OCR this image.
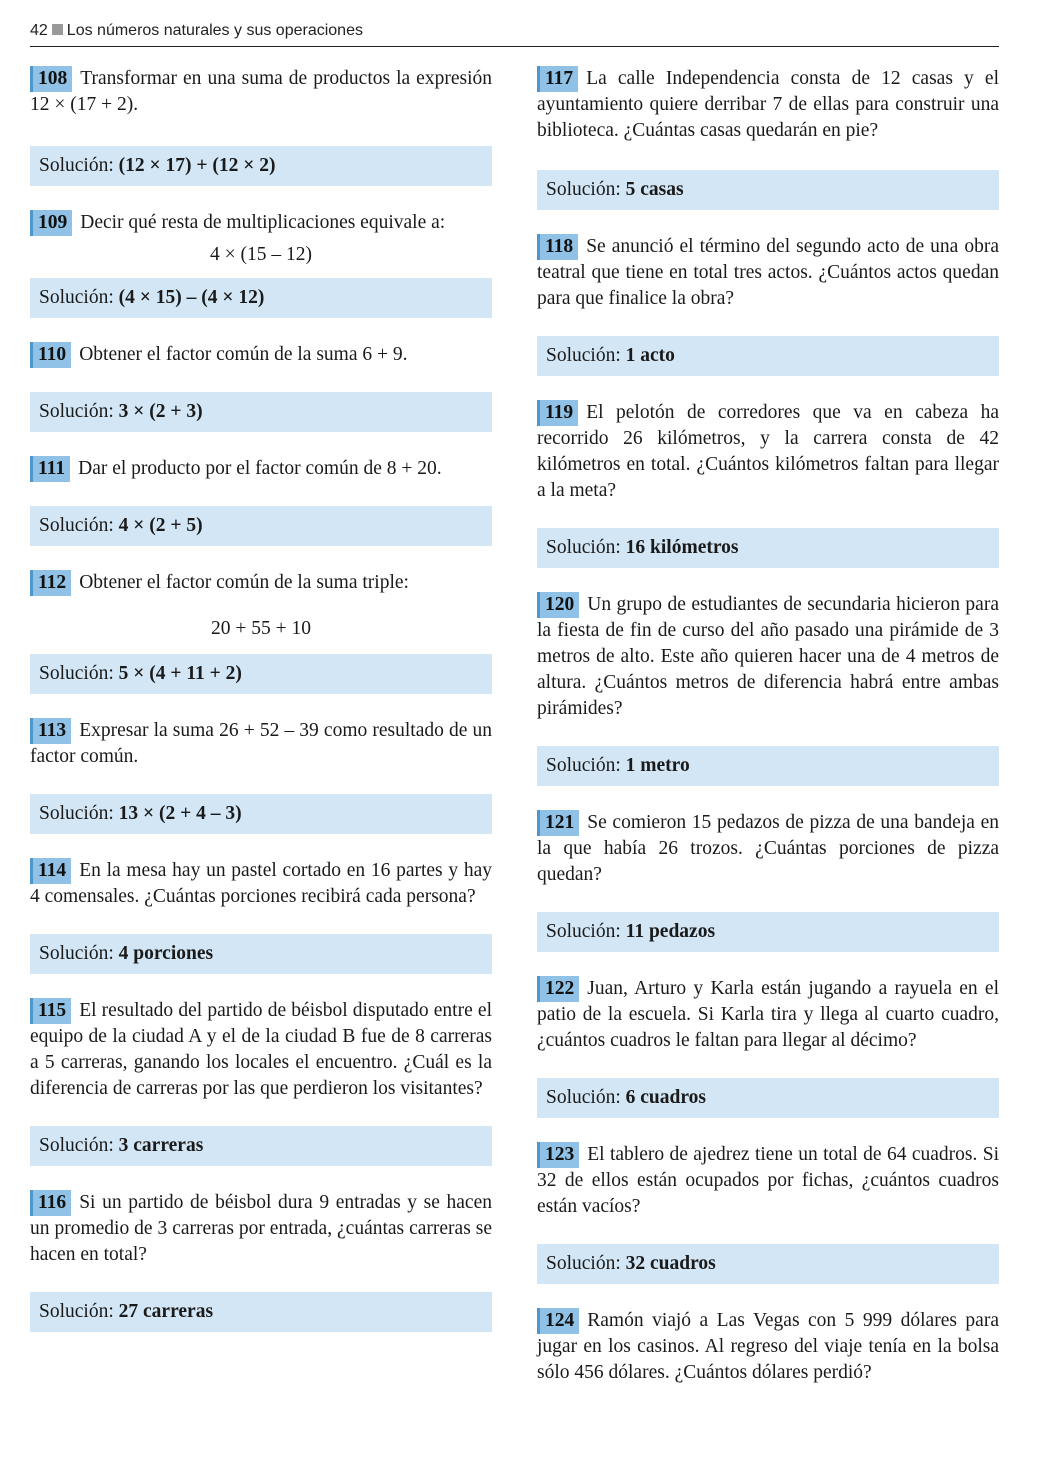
42 Los números naturales y sus operaciones

108 Transformar en una suma de productos la expresión 12 × (17 + 2).

Solución: (12 × 17) + (12 × 2)

109 Decir qué resta de multiplicaciones equivale a:

4 × (15 – 12)

Solución: (4 × 15) – (4 × 12)

110 Obtener el factor común de la suma 6 + 9.

Solución: 3 × (2 + 3)

111 Dar el producto por el factor común de 8 + 20.

Solución: 4 × (2 + 5)

112 Obtener el factor común de la suma triple:

20 + 55 + 10

Solución: 5 × (4 + 11 + 2)

113 Expresar la suma 26 + 52 – 39 como resultado de un factor común.

Solución: 13 × (2 + 4 – 3)

114 En la mesa hay un pastel cortado en 16 partes y hay 4 comensales. ¿Cuántas porciones recibirá cada persona?

Solución: 4 porciones

115 El resultado del partido de béisbol disputado entre el equipo de la ciudad A y el de la ciudad B fue de 8 carreras a 5 carreras, ganando los locales el encuentro. ¿Cuál es la diferencia de carreras por las que perdieron los visitantes?

Solución: 3 carreras

116 Si un partido de béisbol dura 9 entradas y se hacen un promedio de 3 carreras por entrada, ¿cuántas carreras se hacen en total?

Solución: 27 carreras

117 La calle Independencia consta de 12 casas y el ayuntamiento quiere derribar 7 de ellas para construir una biblioteca. ¿Cuántas casas quedarán en pie?

Solución: 5 casas

118 Se anunció el término del segundo acto de una obra teatral que tiene en total tres actos. ¿Cuántos actos quedan para que finalice la obra?

Solución: 1 acto

119 El pelotón de corredores que va en cabeza ha recorrido 26 kilómetros, y la carrera consta de 42 kilómetros en total. ¿Cuántos kilómetros faltan para llegar a la meta?

Solución: 16 kilómetros

120 Un grupo de estudiantes de secundaria hicieron para la fiesta de fin de curso del año pasado una pirámide de 3 metros de alto. Este año quieren hacer una de 4 metros de altura. ¿Cuántos metros de diferencia habrá entre ambas pirámides?

Solución: 1 metro

121 Se comieron 15 pedazos de pizza de una bandeja en la que había 26 trozos. ¿Cuántas porciones de pizza quedan?

Solución: 11 pedazos

122 Juan, Arturo y Karla están jugando a rayuela en el patio de la escuela. Si Karla tira y llega al cuarto cuadro, ¿cuántos cuadros le faltan para llegar al décimo?

Solución: 6 cuadros

123 El tablero de ajedrez tiene un total de 64 cuadros. Si 32 de ellos están ocupados por fichas, ¿cuántos cuadros están vacíos?

Solución: 32 cuadros

124 Ramón viajó a Las Vegas con 5 999 dólares para jugar en los casinos. Al regreso del viaje tenía en la bolsa sólo 456 dólares. ¿Cuántos dólares perdió?
